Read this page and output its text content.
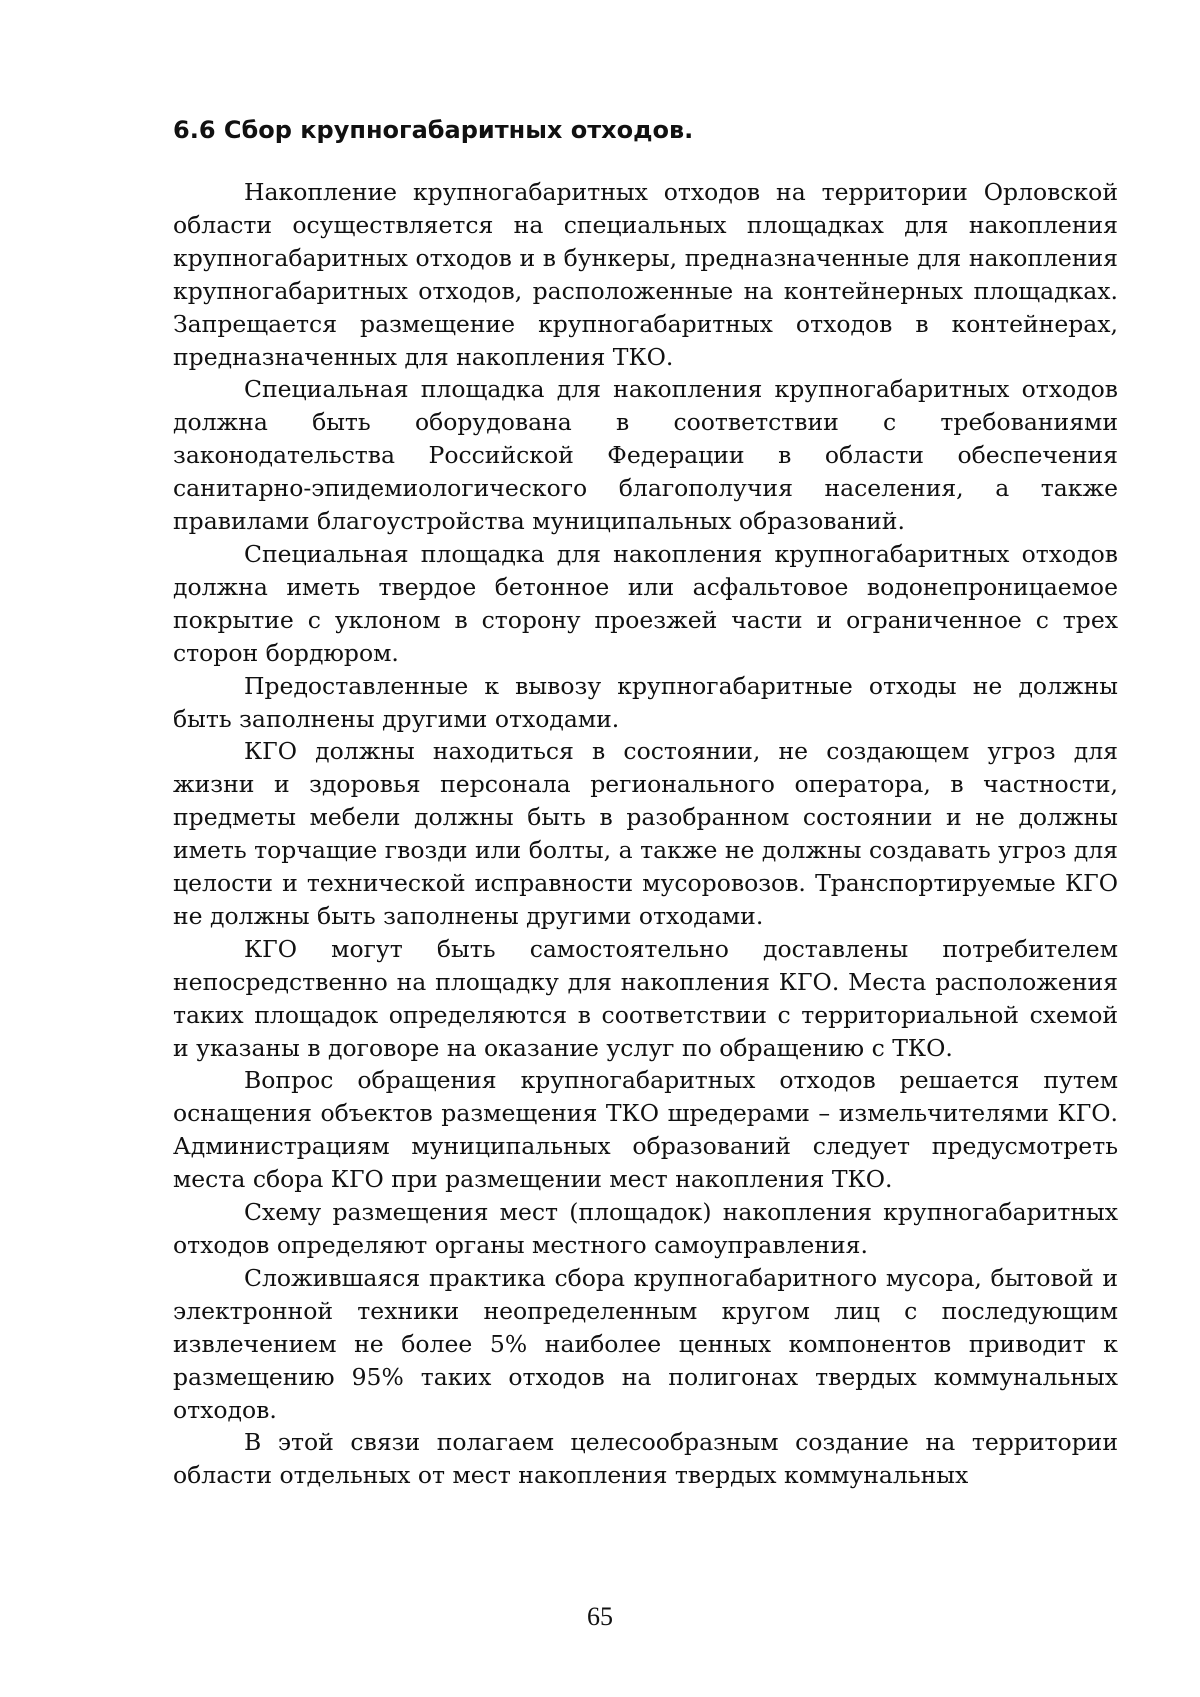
6.6 Сбор крупногабаритных отходов.

Накопление крупногабаритных отходов на территории Орловской области осуществляется на специальных площадках для накопления крупногабаритных отходов и в бункеры, предназначенные для накопления крупногабаритных отходов, расположенные на контейнерных площадках. Запрещается размещение крупногабаритных отходов в контейнерах, предназначенных для накопления ТКО.

Специальная площадка для накопления крупногабаритных отходов должна быть оборудована в соответствии с требованиями законодательства Российской Федерации в области обеспечения санитарно-эпидемиологического благополучия населения, а также правилами благоустройства муниципальных образований.

Специальная площадка для накопления крупногабаритных отходов должна иметь твердое бетонное или асфальтовое водонепроницаемое покрытие с уклоном в сторону проезжей части и ограниченное с трех сторон бордюром.

Предоставленные к вывозу крупногабаритные отходы не должны быть заполнены другими отходами.

КГО должны находиться в состоянии, не создающем угроз для жизни и здоровья персонала регионального оператора, в частности, предметы мебели должны быть в разобранном состоянии и не должны иметь торчащие гвозди или болты, а также не должны создавать угроз для целости и технической исправности мусоровозов. Транспортируемые КГО не должны быть заполнены другими отходами.

КГО могут быть самостоятельно доставлены потребителем непосредственно на площадку для накопления КГО. Места расположения таких площадок определяются в соответствии с территориальной схемой и указаны в договоре на оказание услуг по обращению с ТКО.

Вопрос обращения крупногабаритных отходов решается путем оснащения объектов размещения ТКО шредерами – измельчителями КГО. Администрациям муниципальных образований следует предусмотреть места сбора КГО при размещении мест накопления ТКО.

Схему размещения мест (площадок) накопления крупногабаритных отходов определяют органы местного самоуправления.

Сложившаяся практика сбора крупногабаритного мусора, бытовой и электронной техники неопределенным кругом лиц с последующим извлечением не более 5% наиболее ценных компонентов приводит к размещению 95% таких отходов на полигонах твердых коммунальных отходов.

В этой связи полагаем целесообразным создание на территории области отдельных от мест накопления твердых коммунальных

65
